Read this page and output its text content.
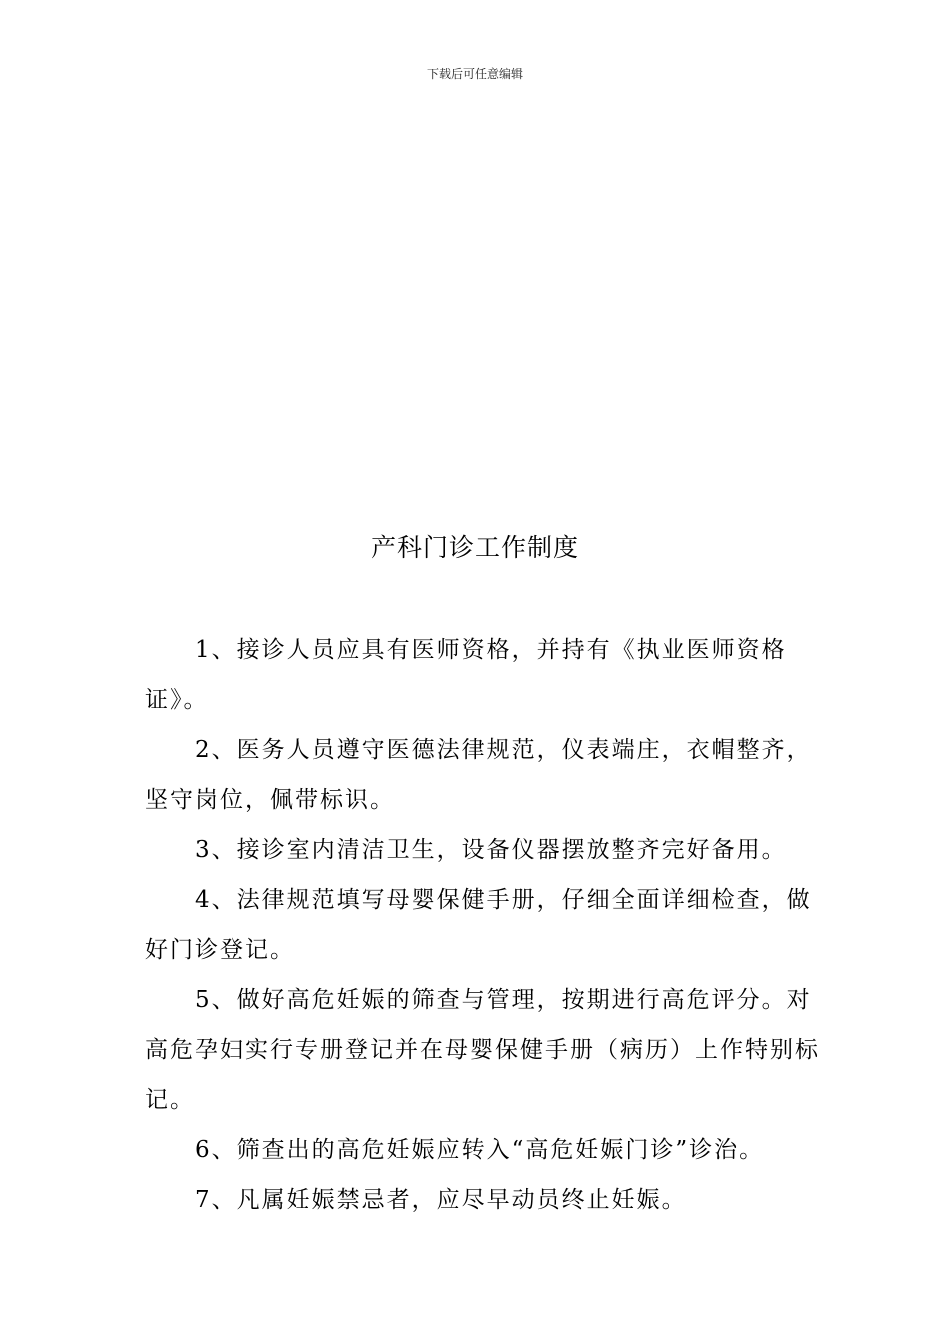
下载后可任意编辑
产科门诊工作制度

1、接诊人员应具有医师资格，并持有《执业医师资格证》。

2、医务人员遵守医德法律规范，仪表端庄，衣帽整齐，坚守岗位，佩带标识。

3、接诊室内清洁卫生，设备仪器摆放整齐完好备用。

4、法律规范填写母婴保健手册，仔细全面详细检查，做好门诊登记。

5、做好高危妊娠的筛查与管理，按期进行高危评分。对高危孕妇实行专册登记并在母婴保健手册（病历）上作特别标记。

6、筛查出的高危妊娠应转入“高危妊娠门诊”诊治。

7、凡属妊娠禁忌者，应尽早动员终止妊娠。
